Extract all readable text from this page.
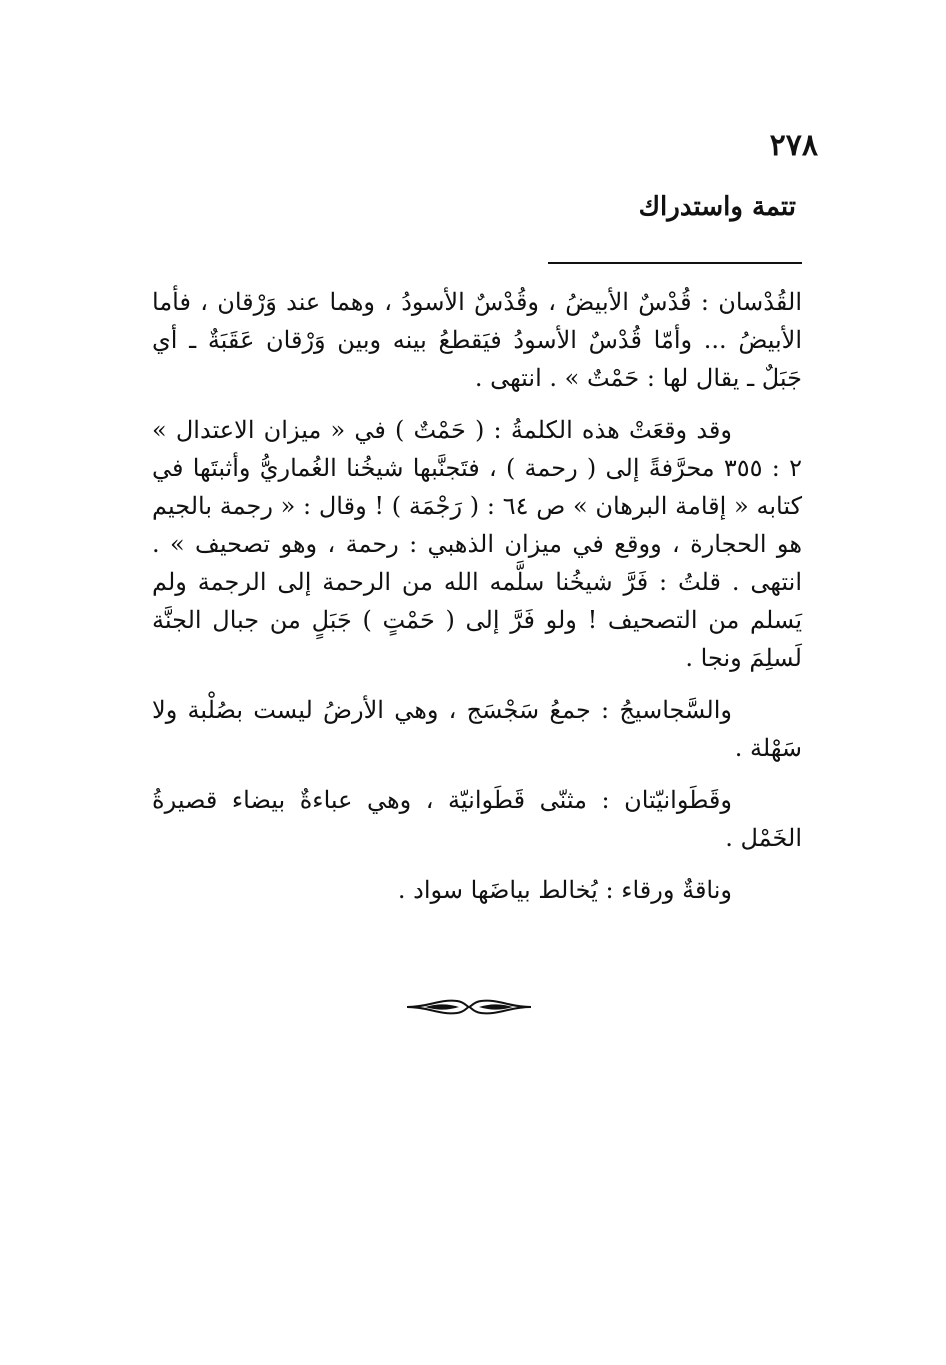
٢٧٨
تتمة واستدراك

القُدْسان : قُدْسٌ الأبيضُ ، وقُدْسٌ الأسودُ ، وهما عند وَرْقان ، فأما الأبيضُ ... وأمّا قُدْسٌ الأسودُ فيَقطعُ بينه وبين وَرْقان عَقَبَةٌ ـ أي جَبَلٌ ـ يقال لها : حَمْتٌ » . انتهى .

وقد وقعَتْ هذه الكلمةُ : ( حَمْتٌ ) في « ميزان الاعتدال » ٢ : ٣٥٥ محرَّفةً إلى ( رحمة ) ، فتَجنَّبها شيخُنا الغُماريُّ وأثبتَها في كتابه « إقامة البرهان » ص ٦٤ : ( رَجْمَة ) ! وقال : « رجمة بالجيم هو الحجارة ، ووقع في ميزان الذهبي : رحمة ، وهو تصحيف » . انتهى . قلتُ : فَرَّ شيخُنا سلَّمه الله من الرحمة إلى الرجمة ولم يَسلم من التصحيف ! ولو فَرَّ إلى ( حَمْتٍ ) جَبَلٍ من جبال الجنَّة لَسلِمَ ونجا .

والسَّجاسيجُ : جمعُ سَجْسَج ، وهي الأرضُ ليست بصُلْبة ولا سَهْلة .

وقَطَوانيّتان : مثنّى قَطَوانيّة ، وهي عباءةٌ بيضاء قصيرةُ الخَمْل .

وناقةٌ ورقاء : يُخالط بياضَها سواد .
